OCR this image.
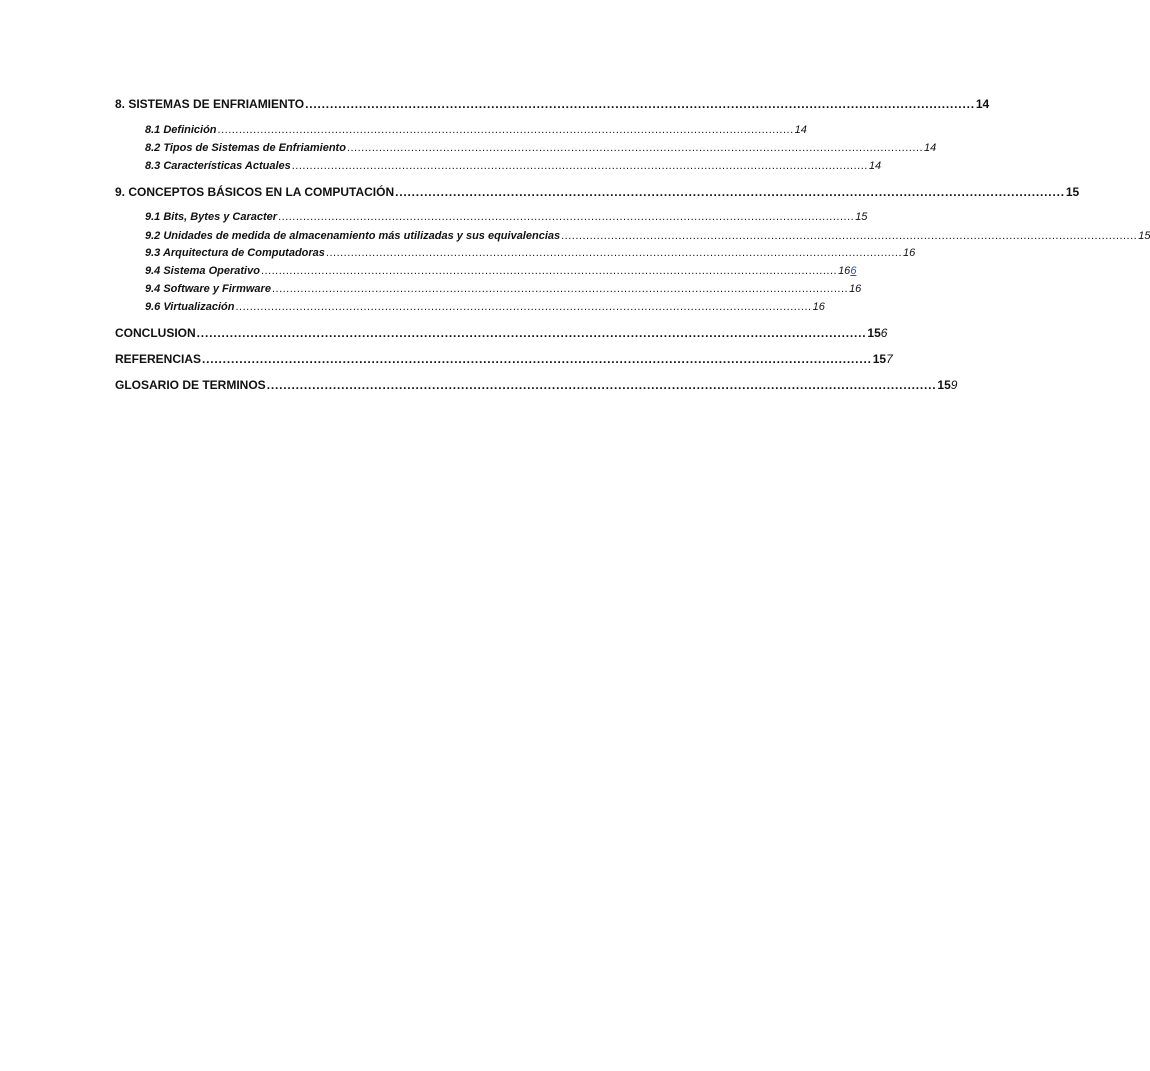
8. SISTEMAS DE ENFRIAMIENTO .................................................................................................................................................................. 14
8.1 Definición .................................................................................................................................................................. 14
8.2 Tipos de Sistemas de Enfriamiento .................................................................................................................................................................. 14
8.3 Características Actuales .................................................................................................................................................................. 14
9. CONCEPTOS BÁSICOS EN LA COMPUTACIÓN .................................................................................................................................................................. 15
9.1 Bits, Bytes y Caracter .................................................................................................................................................................. 15
9.2 Unidades de medida de almacenamiento más utilizadas y sus equivalencias .................................................................................................................................................................. 15
9.3 Arquitectura de Computadoras .................................................................................................................................................................. 16
9.4 Sistema Operativo .................................................................................................................................................................. 166
9.4 Software y Firmware .................................................................................................................................................................. 16
9.6 Virtualización .................................................................................................................................................................. 16
CONCLUSION .................................................................................................................................................................. 156
REFERENCIAS .................................................................................................................................................................. 157
GLOSARIO DE TERMINOS .................................................................................................................................................................. 159
